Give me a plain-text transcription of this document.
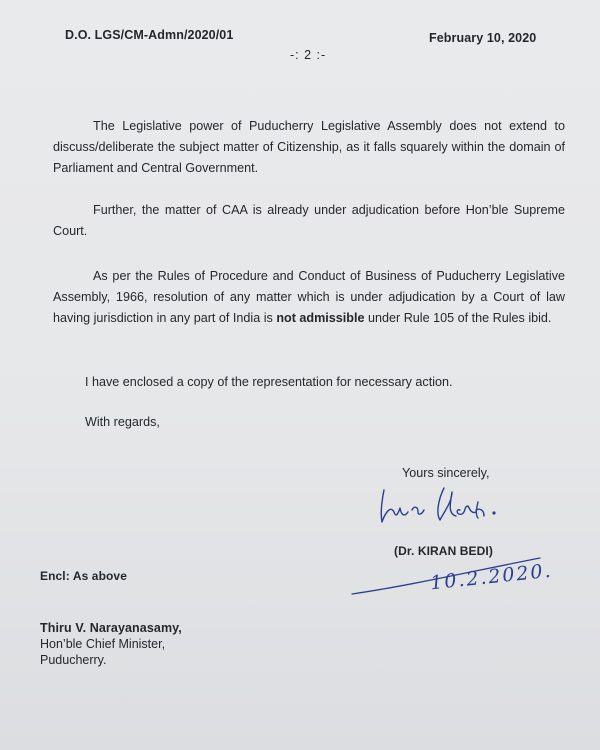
D.O. LGS/CM-Admn/2020/01	February 10, 2020
-: 2 :-
The Legislative power of Puducherry Legislative Assembly does not extend to discuss/deliberate the subject matter of Citizenship, as it falls squarely within the domain of Parliament and Central Government.
Further, the matter of CAA is already under adjudication before Hon’ble Supreme Court.
As per the Rules of Procedure and Conduct of Business of Puducherry Legislative Assembly, 1966, resolution of any matter which is under adjudication by a Court of law having jurisdiction in any part of India is not admissible under Rule 105 of the Rules ibid.
I have enclosed a copy of the representation for necessary action.
With regards,
Yours sincerely,
(Dr. KIRAN BEDI)
10.2.2020.
Encl: As above
Thiru V. Narayanasamy,
Hon’ble Chief Minister,
Puducherry.
